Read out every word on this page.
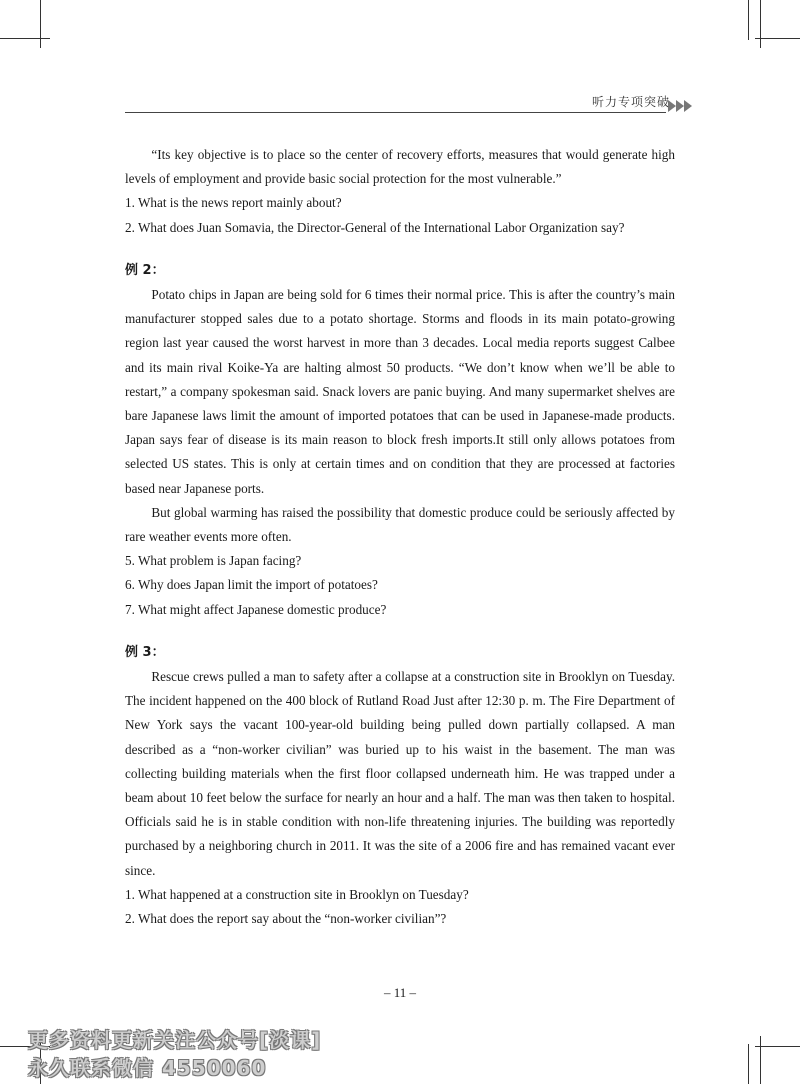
听力专项突破

“Its key objective is to place so the center of recovery efforts, measures that would generate high levels of employment and provide basic social protection for the most vulnerable.”

1. What is the news report mainly about?

2. What does Juan Somavia, the Director-General of the International Labor Organization say?

例 2：

Potato chips in Japan are being sold for 6 times their normal price. This is after the country’s main manufacturer stopped sales due to a potato shortage. Storms and floods in its main potato-growing region last year caused the worst harvest in more than 3 decades. Local media reports suggest Calbee and its main rival Koike-Ya are halting almost 50 products. “We don’t know when we’ll be able to restart,” a company spokesman said. Snack lovers are panic buying. And many supermarket shelves are bare Japanese laws limit the amount of imported potatoes that can be used in Japanese-made products. Japan says fear of disease is its main reason to block fresh imports.It still only allows potatoes from selected US states. This is only at certain times and on condition that they are processed at factories based near Japanese ports.

But global warming has raised the possibility that domestic produce could be seriously affected by rare weather events more often.

5. What problem is Japan facing?

6. Why does Japan limit the import of potatoes?

7. What might affect Japanese domestic produce?

例 3：

Rescue crews pulled a man to safety after a collapse at a construction site in Brooklyn on Tuesday. The incident happened on the 400 block of Rutland Road Just after 12:30 p. m. The Fire Department of New York says the vacant 100-year-old building being pulled down partially collapsed. A man described as a “non-worker civilian” was buried up to his waist in the basement. The man was collecting building materials when the first floor collapsed underneath him. He was trapped under a beam about 10 feet below the surface for nearly an hour and a half. The man was then taken to hospital. Officials said he is in stable condition with non-life threatening injuries. The building was reportedly purchased by a neighboring church in 2011. It was the site of a 2006 fire and has remained vacant ever since.

1. What happened at a construction site in Brooklyn on Tuesday?

2. What does the report say about the “non-worker civilian”?

– 11 –
更多资料更新关注公众号[淡课]
永久联系微信 4550060
